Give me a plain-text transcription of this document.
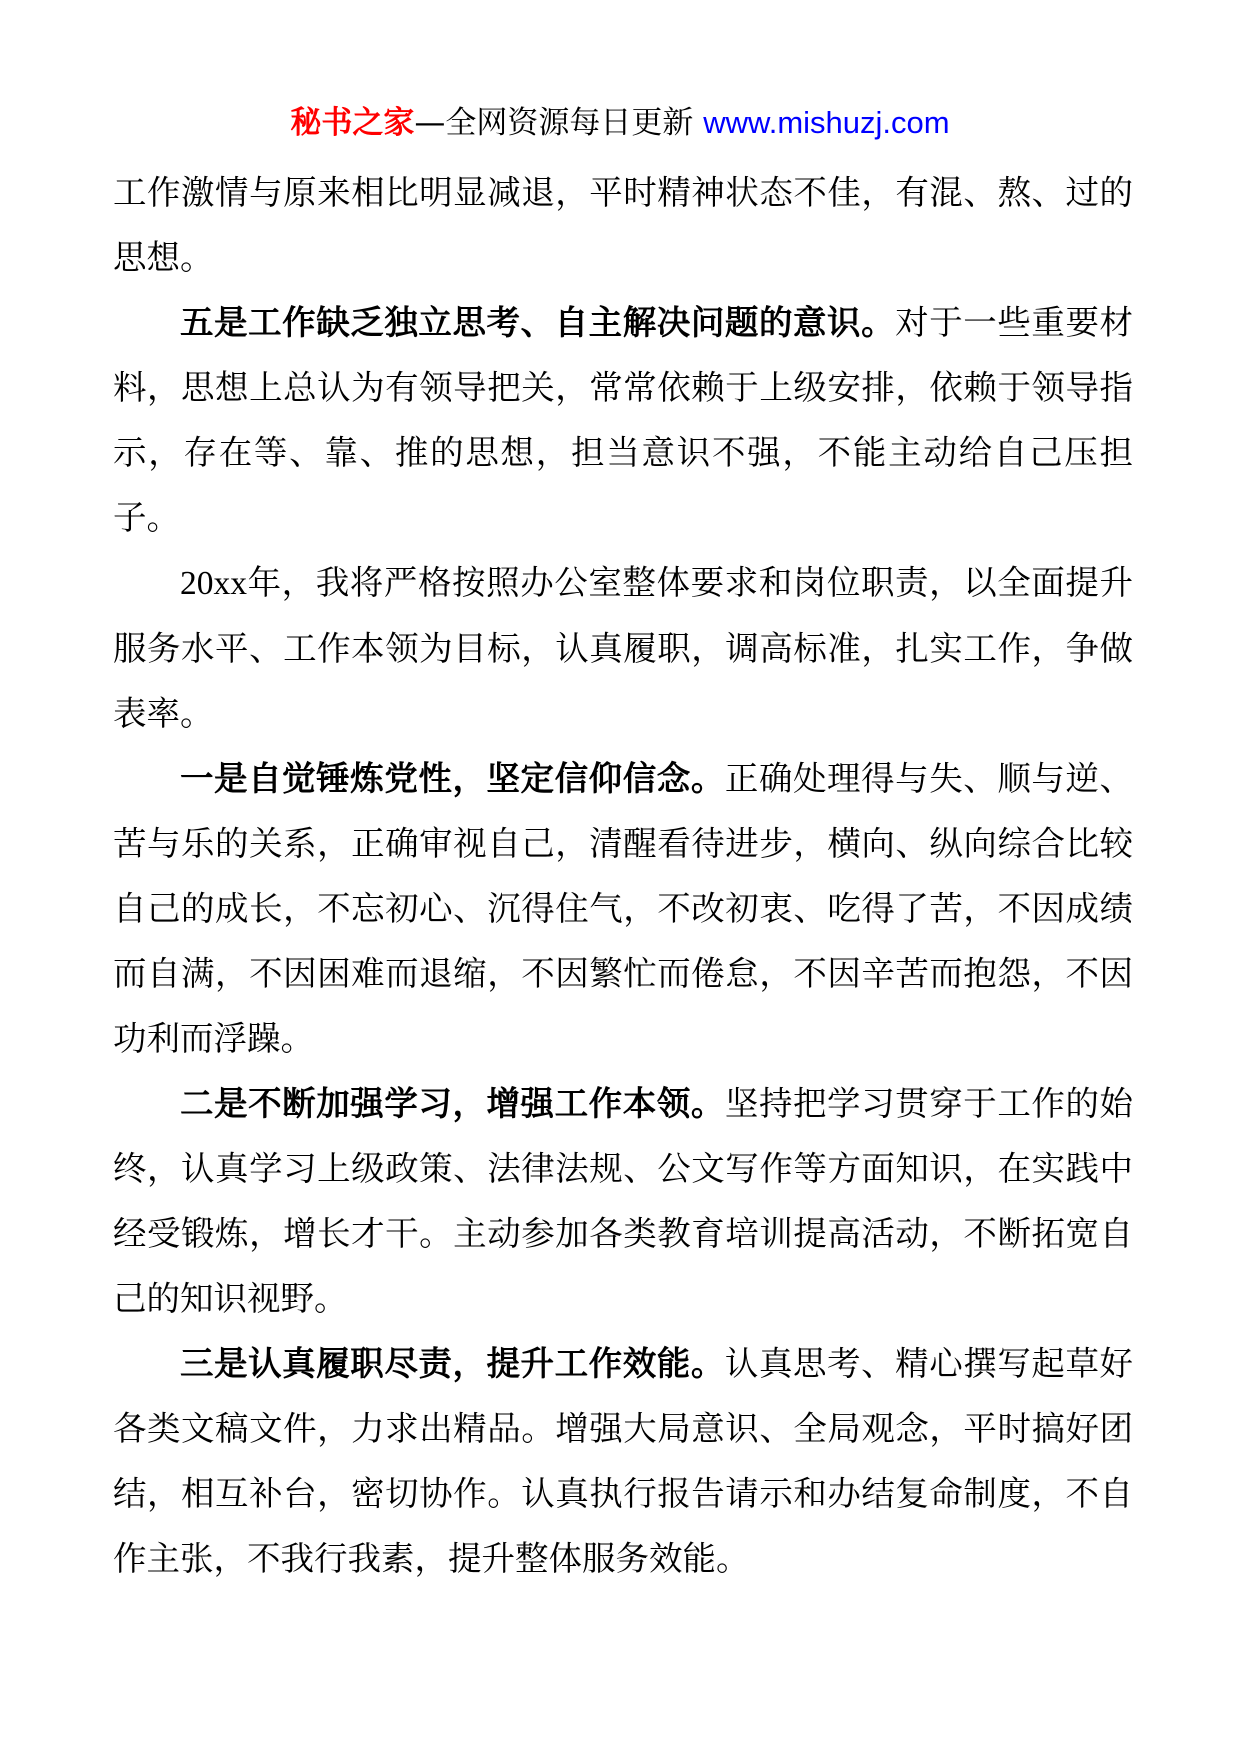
秘书之家—全网资源每日更新 www.mishuzj.com

工作激情与原来相比明显减退，平时精神状态不佳，有混、熬、过的思想。

五是工作缺乏独立思考、自主解决问题的意识。对于一些重要材料，思想上总认为有领导把关，常常依赖于上级安排，依赖于领导指示，存在等、靠、推的思想，担当意识不强，不能主动给自己压担子。

20xx年，我将严格按照办公室整体要求和岗位职责，以全面提升服务水平、工作本领为目标，认真履职，调高标准，扎实工作，争做表率。

一是自觉锤炼党性，坚定信仰信念。正确处理得与失、顺与逆、苦与乐的关系，正确审视自己，清醒看待进步，横向、纵向综合比较自己的成长，不忘初心、沉得住气，不改初衷、吃得了苦，不因成绩而自满，不因困难而退缩，不因繁忙而倦怠，不因辛苦而抱怨，不因功利而浮躁。

二是不断加强学习，增强工作本领。坚持把学习贯穿于工作的始终，认真学习上级政策、法律法规、公文写作等方面知识，在实践中经受锻炼，增长才干。主动参加各类教育培训提高活动，不断拓宽自己的知识视野。

三是认真履职尽责，提升工作效能。认真思考、精心撰写起草好各类文稿文件，力求出精品。增强大局意识、全局观念，平时搞好团结，相互补台，密切协作。认真执行报告请示和办结复命制度，不自作主张，不我行我素，提升整体服务效能。
